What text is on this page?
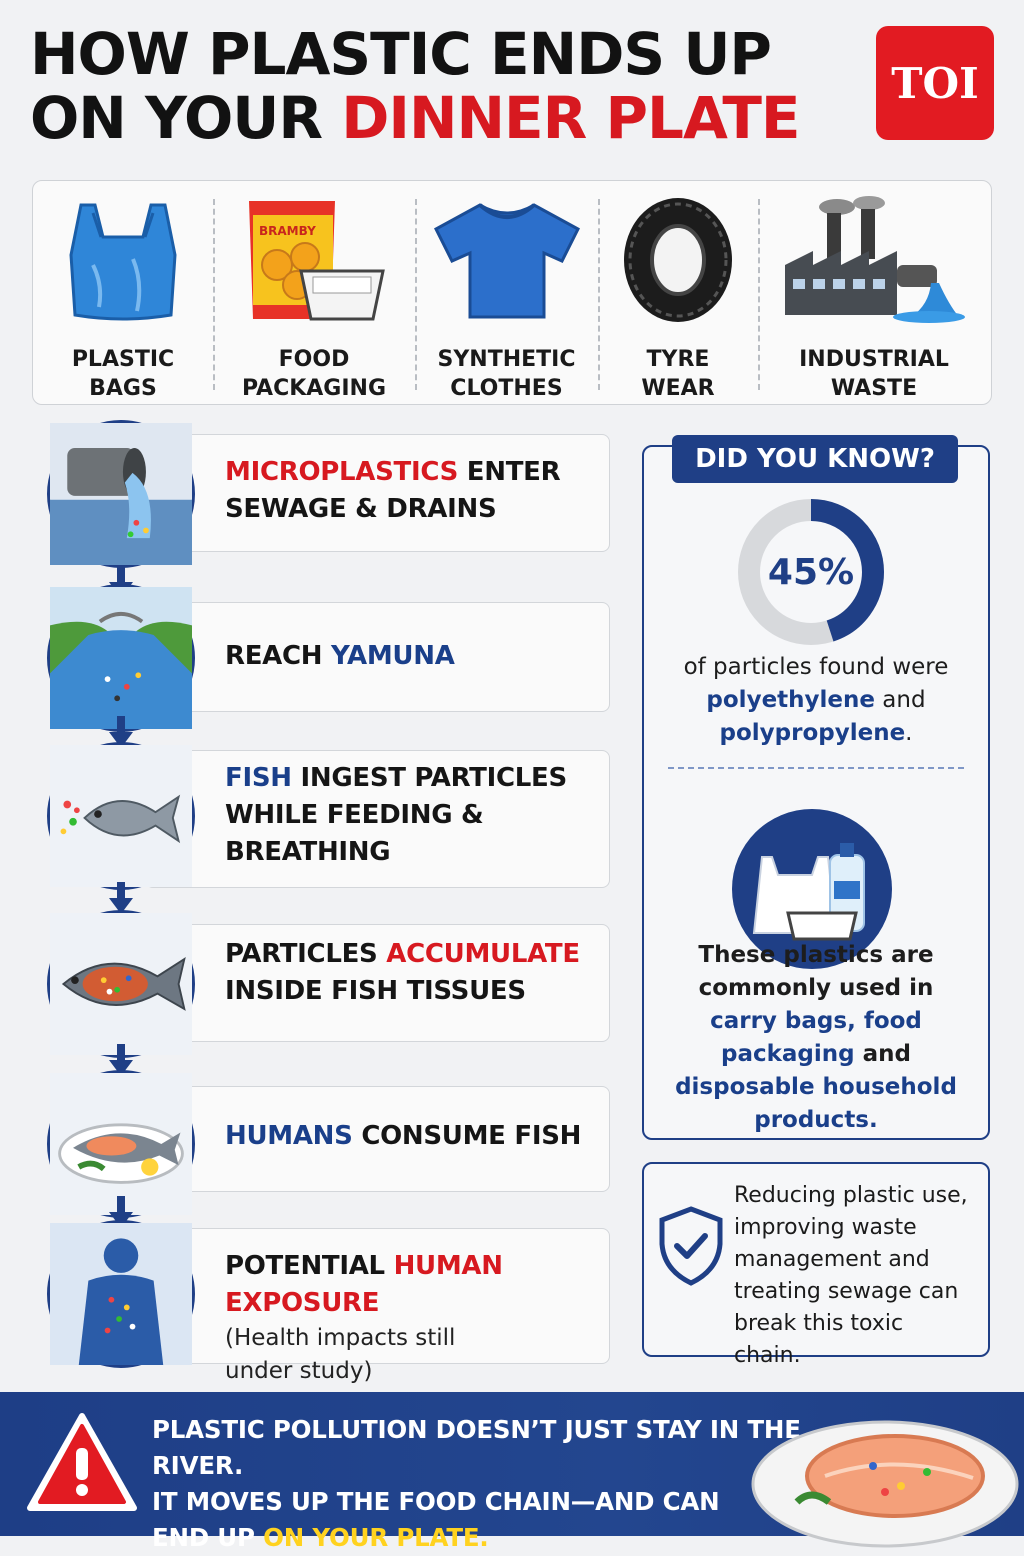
HOW PLASTIC ENDS UP
ON YOUR DINNER PLATE
TOI
PLASTIC
BAGS
BRAMBY
FOOD
PACKAGING
SYNTHETIC
CLOTHES
TYRE
WEAR
INDUSTRIAL
WASTE
MICROPLASTICS ENTER
SEWAGE & DRAINS
REACH YAMUNA
FISH INGEST PARTICLES
WHILE FEEDING &
BREATHING
PARTICLES ACCUMULATE
INSIDE FISH TISSUES
HUMANS CONSUME FISH
POTENTIAL HUMAN EXPOSURE
(Health impacts still
under study)
DID YOU KNOW?
45%
of particles found were
polyethylene and
polypropylene.
These plastics are
commonly used in
carry bags, food
packaging and
disposable household
products.
Reducing plastic use,
improving waste
management and
treating sewage can
break this toxic chain.
PLASTIC POLLUTION DOESN’T JUST STAY IN THE RIVER.
IT MOVES UP THE FOOD CHAIN—AND CAN
END UP ON YOUR PLATE.
